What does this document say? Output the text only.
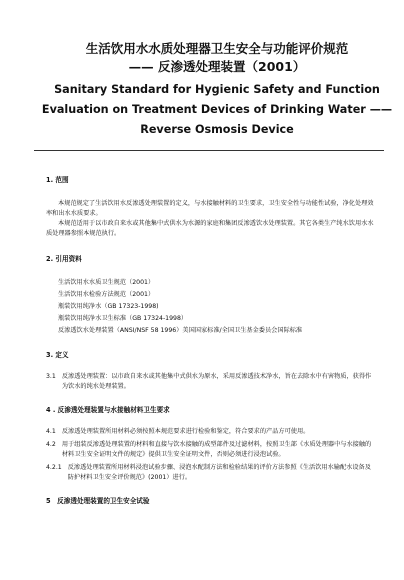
生活饮用水水质处理器卫生安全与功能评价规范

—— 反渗透处理装置（2001）

Sanitary Standard for Hygienic Safety and Function

Evaluation on Treatment Devices of Drinking Water ——

Reverse Osmosis Device

1. 范围

本规范规定了生活饮用水反渗透处理装置的定义，与水接触材料的卫生要求，卫生安全性与功能性试验，净化处理效率和出水水质要求。

本规范适用于以市政自来水或其他集中式供水为水源的家庭和集团反渗透饮水处理装置。其它各类生产纯水饮用水水质处理器参照本规范执行。

2. 引用资料

生活饮用水水质卫生规范（2001）

生活饮用水检验方法规范（2001）

瓶装饮用纯净水（GB 17323-1998)

瓶装饮用纯净水卫生标准（GB 17324-1998）

反渗透饮水处理装置（ANSI/NSF 58 1996）美国国家标准/全国卫生基金委员会国际标准

3. 定义

3.1 反渗透处理装置：以市政自来水或其他集中式供水为原水，采用反渗透技术净水，旨在去除水中有害物质，获得作为饮水的纯水处理装置。

4 . 反渗透处理装置与水接触材料卫生要求

4.1 反渗透处理装置所用材料必须按照本规范要求进行检验和鉴定，符合要求的产品方可使用。
4.2 用于组装反渗透处理装置的材料和直接与饮水接触的成型部件及过滤材料，按照卫生部《水质处理器中与水接触的材料卫生安全证明文件的规定》提供卫生安全证明文件，否则必须进行浸泡试验。
4.2.1 反渗透处理装置所用材料浸泡试验步骤、浸泡水配制方法和检验结果的评价方法参照《生活饮用水输配水设备及防护材料卫生安全评价规范》(2001）进行。

5　反渗透处理装置的卫生安全试验
